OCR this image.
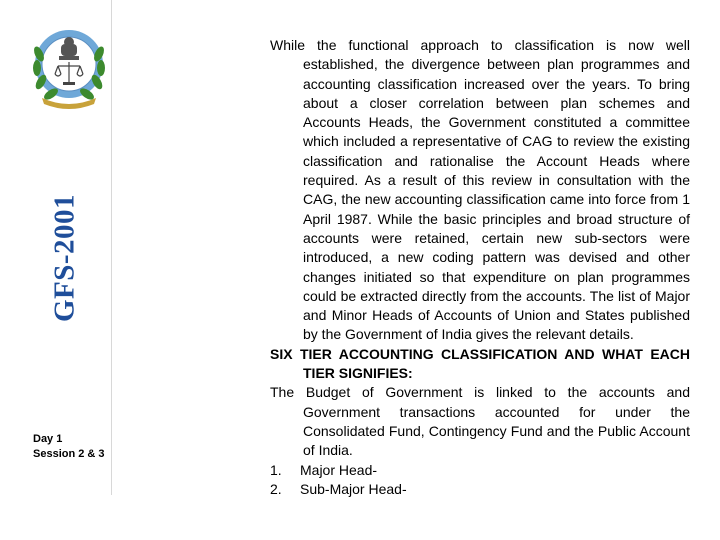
GFS-2001
Day 1 Session 2 & 3

While the functional approach to classification is now well established, the divergence between plan programmes and accounting classification increased over the years. To bring about a closer correlation between plan schemes and Accounts Heads, the Government constituted a committee which included a representative of CAG to review the existing classification and rationalise the Account Heads where required. As a result of this review in consultation with the CAG, the new accounting classification came into force from 1 April 1987. While the basic principles and broad structure of accounts were retained, certain new sub-sectors were introduced, a new coding pattern was devised and other changes initiated so that expenditure on plan programmes could be extracted directly from the accounts. The list of Major and Minor Heads of Accounts of Union and States published by the Government of India gives the relevant details.

SIX TIER ACCOUNTING CLASSIFICATION AND WHAT EACH TIER SIGNIFIES:

The Budget of Government is linked to the accounts and Government transactions accounted for under the Consolidated Fund, Contingency Fund and the Public Account of India.

1.	Major Head-
2.	Sub-Major Head-
